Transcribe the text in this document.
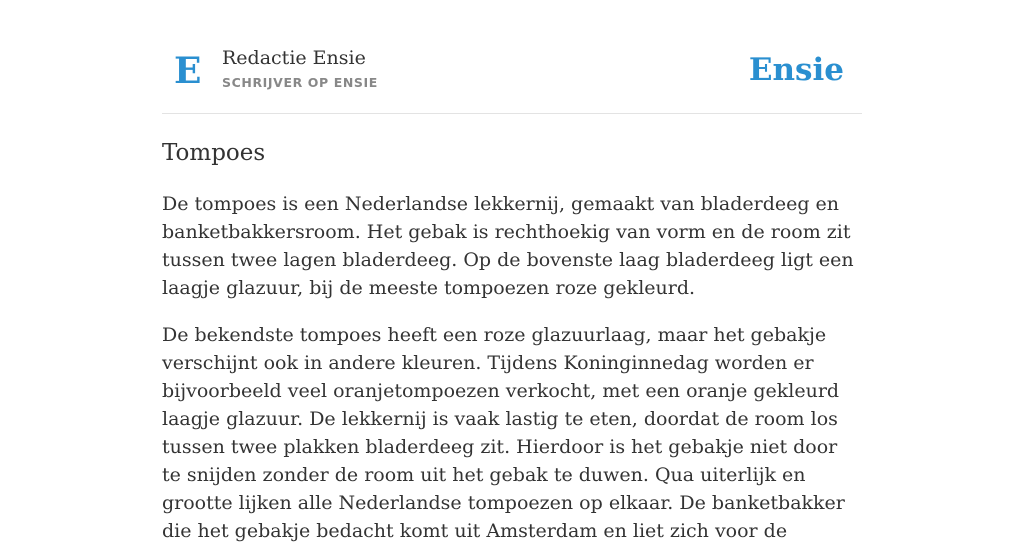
E Redactie Ensie
SCHRIJVER OP ENSIE	Ensie
Tompoes

De tompoes is een Nederlandse lekkernij, gemaakt van bladerdeeg en banketbakkersroom. Het gebak is rechthoekig van vorm en de room zit tussen twee lagen bladerdeeg. Op de bovenste laag bladerdeeg ligt een laagje glazuur, bij de meeste tompoezen roze gekleurd.

De bekendste tompoes heeft een roze glazuurlaag, maar het gebakje verschijnt ook in andere kleuren. Tijdens Koninginnedag worden er bijvoorbeeld veel oranjetompoezen verkocht, met een oranje gekleurd laagje glazuur. De lekkernij is vaak lastig te eten, doordat de room los tussen twee plakken bladerdeeg zit. Hierdoor is het gebakje niet door te snijden zonder de room uit het gebak te duwen. Qua uiterlijk en grootte lijken alle Nederlandse tompoezen op elkaar. De banketbakker die het gebakje bedacht komt uit Amsterdam en liet zich voor de
